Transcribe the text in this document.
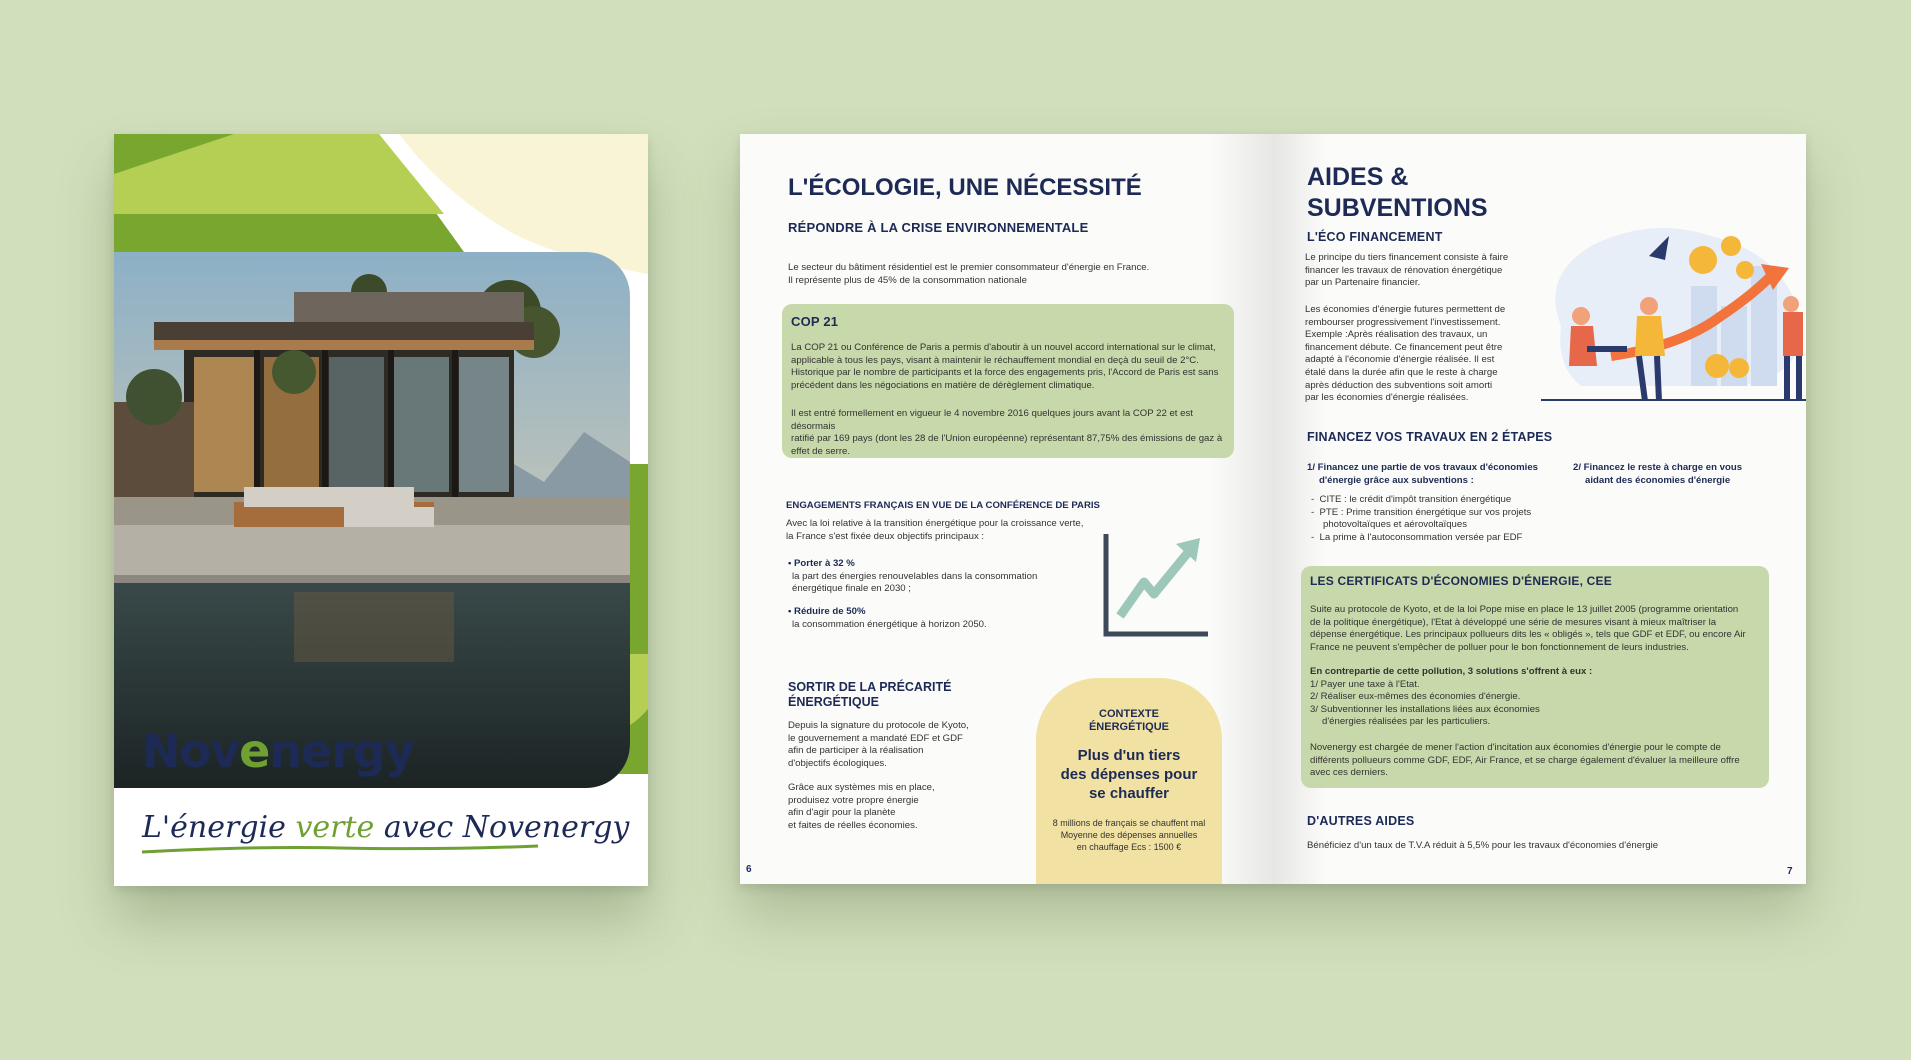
Novenergy

L'énergie verte avec Novenergy

L'ÉCOLOGIE, UNE NÉCESSITÉ
RÉPONDRE À LA CRISE ENVIRONNEMENTALE

Le secteur du bâtiment résidentiel est le premier consommateur d'énergie en France.

Il représente plus de 45% de la consommation nationale

COP 21

La COP 21 ou Conférence de Paris a permis d'aboutir à un nouvel accord international sur le climat,

applicable à tous les pays, visant à maintenir le réchauffement mondial en deçà du seuil de 2°C.

Historique par le nombre de participants et la force des engagements pris, l'Accord de Paris est sans

précédent dans les négociations en matière de dérèglement climatique.

Il est entré formellement en vigueur le 4 novembre 2016 quelques jours avant la COP 22 et est désormais

ratifié par 169 pays (dont les 28 de l'Union européenne) représentant 87,75% des émissions de gaz à

effet de serre.

ENGAGEMENTS FRANÇAIS EN VUE DE LA CONFÉRENCE DE PARIS

Avec la loi relative à la transition énergétique pour la croissance verte,

la France s'est fixée deux objectifs principaux :

• Porter à 32 %

la part des énergies renouvelables dans la consommation

énergétique finale en 2030 ;

• Réduire de 50%

la consommation énergétique à horizon 2050.

SORTIR DE LA PRÉCARITÉ

ÉNERGÉTIQUE

Depuis la signature du protocole de Kyoto,

le gouvernement a mandaté EDF et GDF

afin de participer à la réalisation

d'objectifs écologiques.

Grâce aux systèmes mis en place,

produisez votre propre énergie

afin d'agir pour la planète

et faites de réelles économies.

CONTEXTE

ÉNERGÉTIQUE

Plus d'un tiers

des dépenses pour

se chauffer

8 millions de français se chauffent mal

Moyenne des dépenses annuelles

en chauffage Ecs : 1500 €

6

AIDES &

SUBVENTIONS

L'ÉCO FINANCEMENT

Le principe du tiers financement consiste à faire

financer les travaux de rénovation énergétique

par un Partenaire financier.

Les économies d'énergie futures permettent de

rembourser progressivement l'investissement.

Exemple :Après réalisation des travaux, un

financement débute. Ce financement peut être

adapté à l'économie d'énergie réalisée. Il est

étalé dans la durée afin que le reste à charge

après déduction des subventions soit amorti

par les économies d'énergie réalisées.

FINANCEZ VOS TRAVAUX EN 2 ÉTAPES

1/ Financez une partie de vos travaux d'économies

d'énergie grâce aux subventions :

2/ Financez le reste à charge en vous

aidant des économies d'énergie

-  CITE : le crédit d'impôt transition énergétique
-  PTE : Prime transition énergétique sur vos projets
photovoltaïques et aérovoltaïques
-  La prime à l'autoconsommation versée par EDF
LES CERTIFICATS D'ÉCONOMIES D'ÉNERGIE, CEE

Suite au protocole de Kyoto, et de la loi Pope mise en place le 13 juillet 2005 (programme orientation

de la politique énergétique), l'Etat à développé une série de mesures visant à mieux maîtriser la

dépense énergétique. Les principaux pollueurs dits les « obligés », tels que GDF et EDF, ou encore Air

France ne peuvent s'empêcher de polluer pour le bon fonctionnement de leurs industries.

En contrepartie de cette pollution, 3 solutions s'offrent à eux :

1/ Payer une taxe à l'Etat.

2/ Réaliser eux-mêmes des économies d'énergie.

3/ Subventionner les installations liées aux économies

d'énergies réalisées par les particuliers.

Novenergy est chargée de mener l'action d'incitation aux économies d'énergie pour le compte de

différents pollueurs comme GDF, EDF, Air France, et se charge également d'évaluer la meilleure offre

avec ces derniers.

D'AUTRES AIDES

Bénéficiez d'un taux de T.V.A réduit à 5,5% pour les travaux d'économies d'énergie

7
